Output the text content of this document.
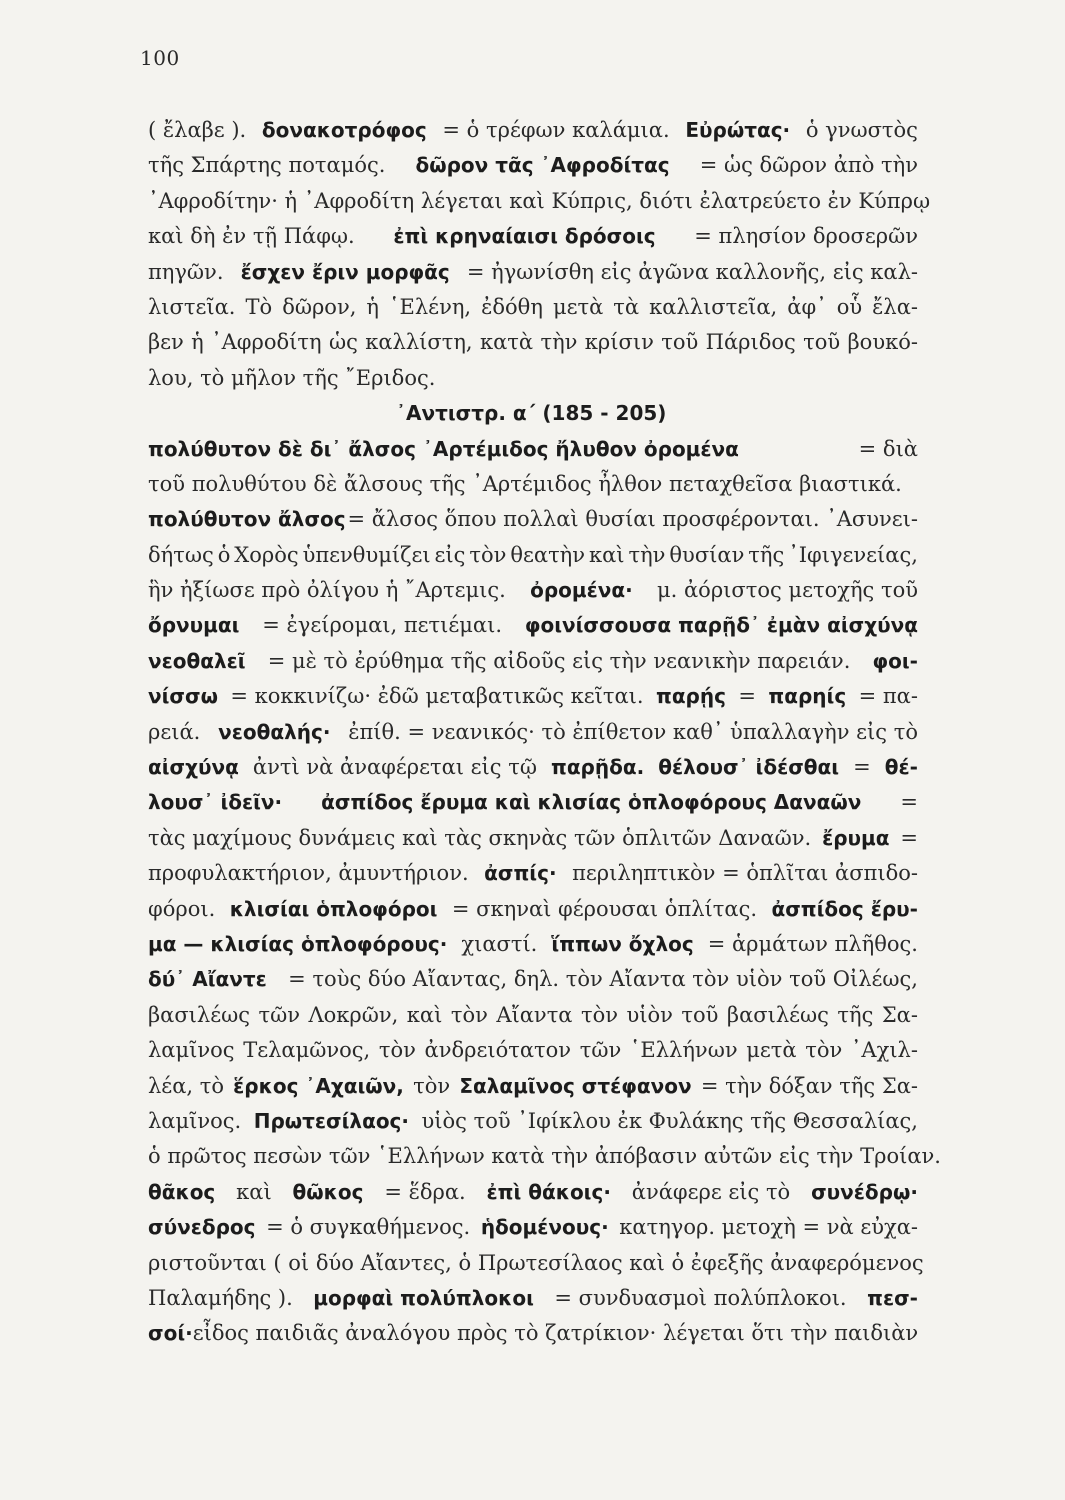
100
( ἔλαβε ). δονακοτρόφος = ὁ τρέφων καλάμια. Εὐρώτας· ὁ γνωστὸς
τῆς Σπάρτης ποταμός. δῶρον τᾶς ᾿Αφροδίτας = ὡς δῶρον ἀπὸ τὴν
᾿Αφροδίτην· ἡ ᾿Αφροδίτη λέγεται καὶ Κύπρις, διότι ἐλατρεύετο ἐν Κύπρῳ
καὶ δὴ ἐν τῇ Πάφῳ. ἐπὶ κρηναίαισι δρόσοις = πλησίον δροσερῶν
πηγῶν. ἔσχεν ἔριν μορφᾶς = ἠγωνίσθη εἰς ἀγῶνα καλλονῆς, εἰς καλ-
λιστεῖα. Τὸ δῶρον, ἡ ῾Ελένη, ἐδόθη μετὰ τὰ καλλιστεῖα, ἀφ᾽ οὗ ἔλα-
βεν ἡ ᾿Αφροδίτη ὡς καλλίστη, κατὰ τὴν κρίσιν τοῦ Πάριδος τοῦ βουκό-
λου, τὸ μῆλον τῆς ῎Εριδος.
᾿Αντιστρ. α΄ (185 - 205)
πολύθυτον δὲ δι᾽ ἄλσος ᾿Αρτέμιδος ἤλυθον ὀρομένα	= διὰ
τοῦ πολυθύτου δὲ ἄλσους τῆς ᾿Αρτέμιδος ἦλθον πεταχθεῖσα βιαστικά.
πολύθυτον ἄλσος = ἄλσος ὅπου πολλαὶ θυσίαι προσφέρονται. ᾿Ασυνει-
δήτως ὁ Χορὸς ὑπενθυμίζει εἰς τὸν θεατὴν καὶ τὴν θυσίαν τῆς ᾿Ιφιγενείας,
ἣν ἠξίωσε πρὸ ὀλίγου ἡ ῎Αρτεμις. ὀρομένα· μ. ἀόριστος μετοχῆς τοῦ
ὄρνυμαι = ἐγείρομαι, πετιέμαι. φοινίσσουσα παρῇδ᾽ ἐμὰν αἰσχύνᾳ
νεοθαλεῖ = μὲ τὸ ἐρύθημα τῆς αἰδοῦς εἰς τὴν νεανικὴν παρειάν. φοι-
νίσσω = κοκκινίζω· ἐδῶ μεταβατικῶς κεῖται. παρῄς = παρηίς = πα-
ρειά. νεοθαλής· ἐπίθ. = νεανικός· τὸ ἐπίθετον καθ᾽ ὑπαλλαγὴν εἰς τὸ
αἰσχύνᾳ ἀντὶ νὰ ἀναφέρεται εἰς τῷ παρῇδα. θέλουσ᾽ ἰδέσθαι = θέ-
λουσ᾽ ἰδεῖν· ἀσπίδος ἔρυμα καὶ κλισίας ὁπλοφόρους Δαναῶν =
τὰς μαχίμους δυνάμεις καὶ τὰς σκηνὰς τῶν ὁπλιτῶν Δαναῶν. ἔρυμα =
προφυλακτήριον, ἀμυντήριον. ἀσπίς· περιληπτικὸν = ὁπλῖται ἀσπιδο-
φόροι. κλισίαι ὁπλοφόροι = σκηναὶ φέρουσαι ὁπλίτας. ἀσπίδος ἔρυ-
μα — κλισίας ὁπλοφόρους· χιαστί. ἵππων ὄχλος = ἁρμάτων πλῆθος.
δύ᾽ Αἴαντε = τοὺς δύο Αἴαντας, δηλ. τὸν Αἴαντα τὸν υἱὸν τοῦ Οἰλέως,
βασιλέως τῶν Λοκρῶν, καὶ τὸν Αἴαντα τὸν υἱὸν τοῦ βασιλέως τῆς Σα-
λαμῖνος Τελαμῶνος, τὸν ἀνδρειότατον τῶν ῾Ελλήνων μετὰ τὸν ᾿Αχιλ-
λέα, τὸ ἕρκος ᾿Αχαιῶν, τὸν Σαλαμῖνος στέφανον = τὴν δόξαν τῆς Σα-
λαμῖνος. Πρωτεσίλαος· υἱὸς τοῦ ᾿Ιφίκλου ἐκ Φυλάκης τῆς Θεσσαλίας,
ὁ πρῶτος πεσὼν τῶν ῾Ελλήνων κατὰ τὴν ἀπόβασιν αὐτῶν εἰς τὴν Τροίαν.
θᾶκος καὶ θῶκος = ἕδρα. ἐπὶ θάκοις· ἀνάφερε εἰς τὸ συνέδρῳ·
σύνεδρος = ὁ συγκαθήμενος. ἡδομένους· κατηγορ. μετοχὴ = νὰ εὐχα-
ριστοῦνται ( οἱ δύο Αἴαντες, ὁ Πρωτεσίλαος καὶ ὁ ἐφεξῆς ἀναφερόμενος
Παλαμήδης ). μορφαὶ πολύπλοκοι = συνδυασμοὶ πολύπλοκοι. πεσ-
σοί· εἶδος παιδιᾶς ἀναλόγου πρὸς τὸ ζατρίκιον· λέγεται ὅτι τὴν παιδιὰν
